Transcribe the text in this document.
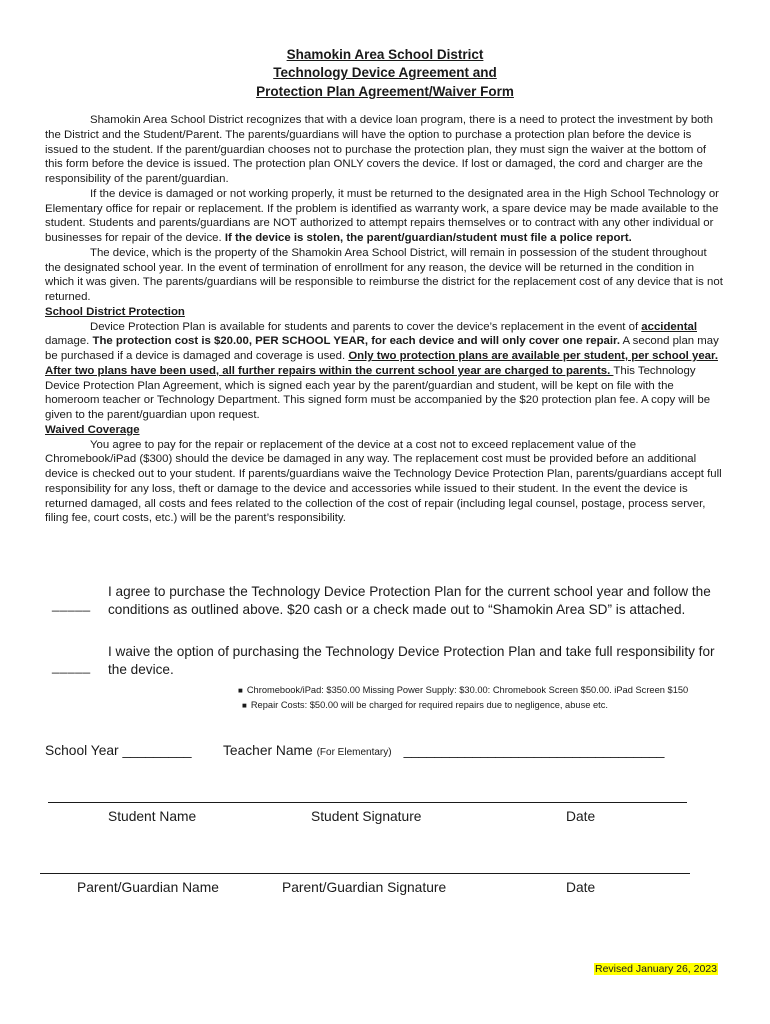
Shamokin Area School District
Technology Device Agreement and
Protection Plan Agreement/Waiver Form

Shamokin Area School District recognizes that with a device loan program, there is a need to protect the investment by both the District and the Student/Parent. The parents/guardians will have the option to purchase a protection plan before the device is issued to the student. If the parent/guardian chooses not to purchase the protection plan, they must sign the waiver at the bottom of this form before the device is issued. The protection plan ONLY covers the device. If lost or damaged, the cord and charger are the responsibility of the parent/guardian.

If the device is damaged or not working properly, it must be returned to the designated area in the High School Technology or Elementary office for repair or replacement. If the problem is identified as warranty work, a spare device may be made available to the student. Students and parents/guardians are NOT authorized to attempt repairs themselves or to contract with any other individual or businesses for repair of the device. If the device is stolen, the parent/guardian/student must file a police report.

The device, which is the property of the Shamokin Area School District, will remain in possession of the student throughout the designated school year. In the event of termination of enrollment for any reason, the device will be returned in the condition in which it was given. The parents/guardians will be responsible to reimburse the district for the replacement cost of any device that is not returned.

School District Protection

Device Protection Plan is available for students and parents to cover the device’s replacement in the event of accidental damage. The protection cost is $20.00, PER SCHOOL YEAR, for each device and will only cover one repair. A second plan may be purchased if a device is damaged and coverage is used. Only two protection plans are available per student, per school year. After two plans have been used, all further repairs within the current school year are charged to parents. This Technology Device Protection Plan Agreement, which is signed each year by the parent/guardian and student, will be kept on file with the homeroom teacher or Technology Department. This signed form must be accompanied by the $20 protection plan fee. A copy will be given to the parent/guardian upon request.

Waived Coverage

You agree to pay for the repair or replacement of the device at a cost not to exceed replacement value of the Chromebook/iPad ($300) should the device be damaged in any way. The replacement cost must be provided before an additional device is checked out to your student. If parents/guardians waive the Technology Device Protection Plan, parents/guardians accept full responsibility for any loss, theft or damage to the device and accessories while issued to their student. In the event the device is returned damaged, all costs and fees related to the collection of the cost of repair (including legal counsel, postage, process server, filing fee, court costs, etc.) will be the parent’s responsibility.

_____
I agree to purchase the Technology Device Protection Plan for the current school year and follow the conditions as outlined above. $20 cash or a check made out to “Shamokin Area SD” is attached.
_____
I waive the option of purchasing the Technology Device Protection Plan and take full responsibility for the device.
■ Chromebook/iPad: $350.00 Missing Power Supply: $30.00: Chromebook Screen $50.00. iPad Screen $150
■ Repair Costs: $50.00 will be charged for required repairs due to negligence, abuse etc.
School Year _________ Teacher Name (For Elementary) __________________________________
Student Name	Student Signature	Date
Parent/Guardian Name	Parent/Guardian Signature	Date
Revised January 26, 2023
